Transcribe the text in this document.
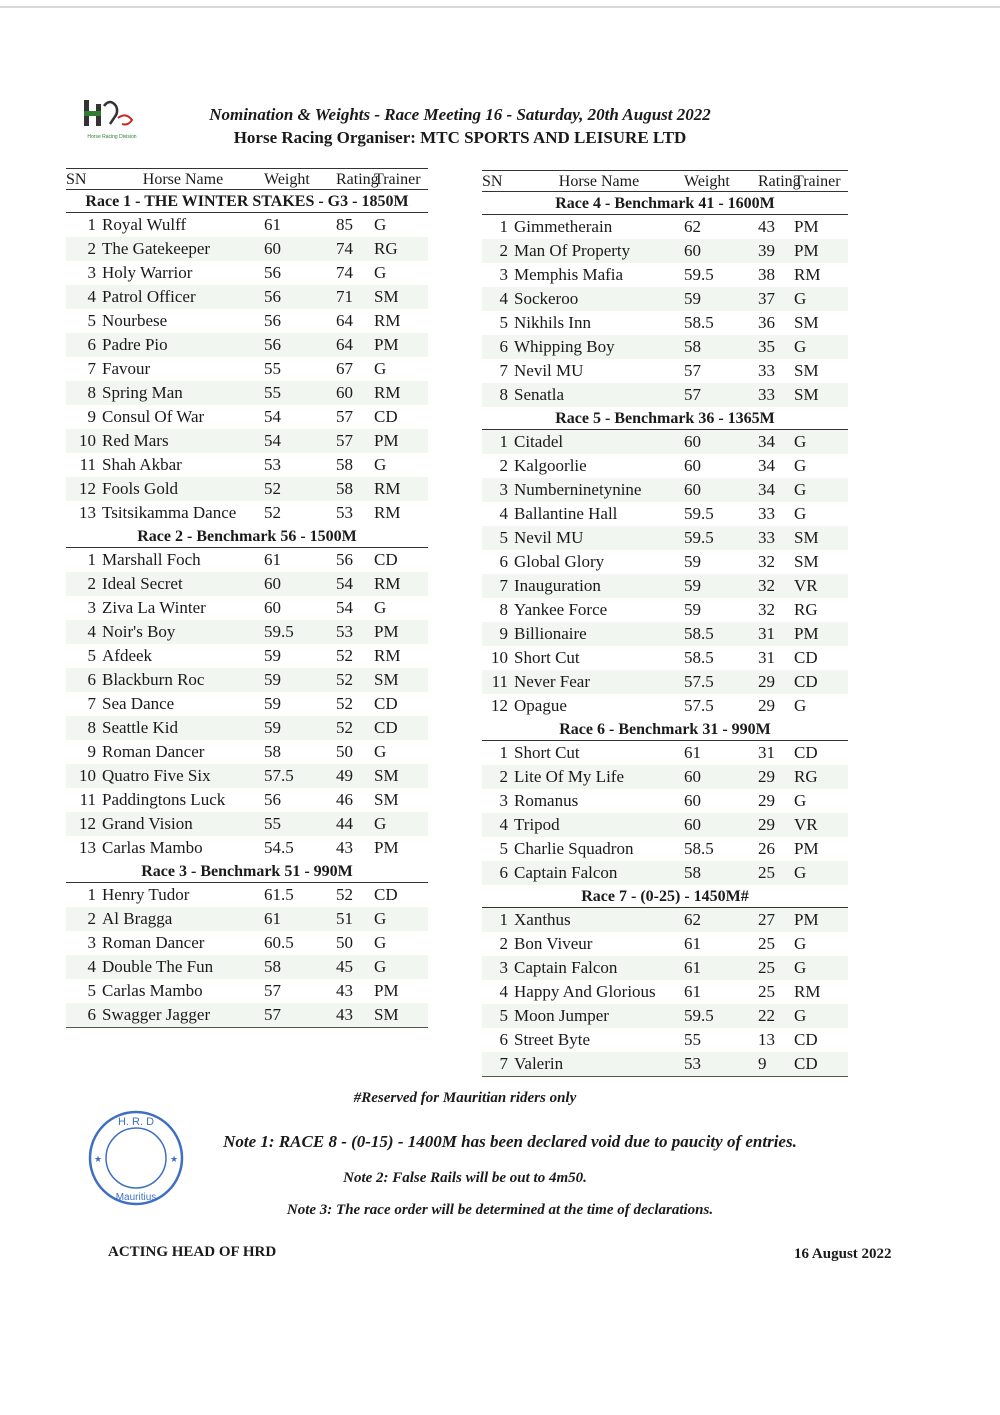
Horse Racing Division
Nomination & Weights - Race Meeting 16 - Saturday, 20th August 2022
Horse Racing Organiser: MTC SPORTS AND LEISURE LTD
SN	Horse Name	Weight	Rating	Trainer
Race 1 - THE WINTER STAKES - G3 - 1850M				
1	Royal Wulff	61	85	G
2	The Gatekeeper	60	74	RG
3	Holy Warrior	56	74	G
4	Patrol Officer	56	71	SM
5	Nourbese	56	64	RM
6	Padre Pio	56	64	PM
7	Favour	55	67	G
8	Spring Man	55	60	RM
9	Consul Of War	54	57	CD
10	Red Mars	54	57	PM
11	Shah Akbar	53	58	G
12	Fools Gold	52	58	RM
13	Tsitsikamma Dance	52	53	RM
Race 2 - Benchmark 56 - 1500M				
1	Marshall Foch	61	56	CD
2	Ideal Secret	60	54	RM
3	Ziva La Winter	60	54	G
4	Noir's Boy	59.5	53	PM
5	Afdeek	59	52	RM
6	Blackburn Roc	59	52	SM
7	Sea Dance	59	52	CD
8	Seattle Kid	59	52	CD
9	Roman Dancer	58	50	G
10	Quatro Five Six	57.5	49	SM
11	Paddingtons Luck	56	46	SM
12	Grand Vision	55	44	G
13	Carlas Mambo	54.5	43	PM
Race 3 - Benchmark 51 - 990M				
1	Henry Tudor	61.5	52	CD
2	Al Bragga	61	51	G
3	Roman Dancer	60.5	50	G
4	Double The Fun	58	45	G
5	Carlas Mambo	57	43	PM
6	Swagger Jagger	57	43	SM
SN	Horse Name	Weight	Rating	Trainer
Race 4 - Benchmark 41 - 1600M				
1	Gimmetherain	62	43	PM
2	Man Of Property	60	39	PM
3	Memphis Mafia	59.5	38	RM
4	Sockeroo	59	37	G
5	Nikhils Inn	58.5	36	SM
6	Whipping Boy	58	35	G
7	Nevil MU	57	33	SM
8	Senatla	57	33	SM
Race 5 - Benchmark 36 - 1365M				
1	Citadel	60	34	G
2	Kalgoorlie	60	34	G
3	Numberninetynine	60	34	G
4	Ballantine Hall	59.5	33	G
5	Nevil MU	59.5	33	SM
6	Global Glory	59	32	SM
7	Inauguration	59	32	VR
8	Yankee Force	59	32	RG
9	Billionaire	58.5	31	PM
10	Short Cut	58.5	31	CD
11	Never Fear	57.5	29	CD
12	Opague	57.5	29	G
Race 6 - Benchmark 31 - 990M				
1	Short Cut	61	31	CD
2	Lite Of My Life	60	29	RG
3	Romanus	60	29	G
4	Tripod	60	29	VR
5	Charlie Squadron	58.5	26	PM
6	Captain Falcon	58	25	G
Race 7 - (0-25) - 1450M#				
1	Xanthus	62	27	PM
2	Bon Viveur	61	25	G
3	Captain Falcon	61	25	G
4	Happy And Glorious	61	25	RM
5	Moon Jumper	59.5	22	G
6	Street Byte	55	13	CD
7	Valerin	53	9	CD
#Reserved for Mauritian riders only
H. R. D
Mauritius
★	★
Note 1: RACE 8 - (0-15) - 1400M has been declared void due to paucity of entries.
Note 2: False Rails will be out to 4m50.
Note 3: The race order will be determined at the time of declarations.
ACTING HEAD OF HRD	16 August 2022
